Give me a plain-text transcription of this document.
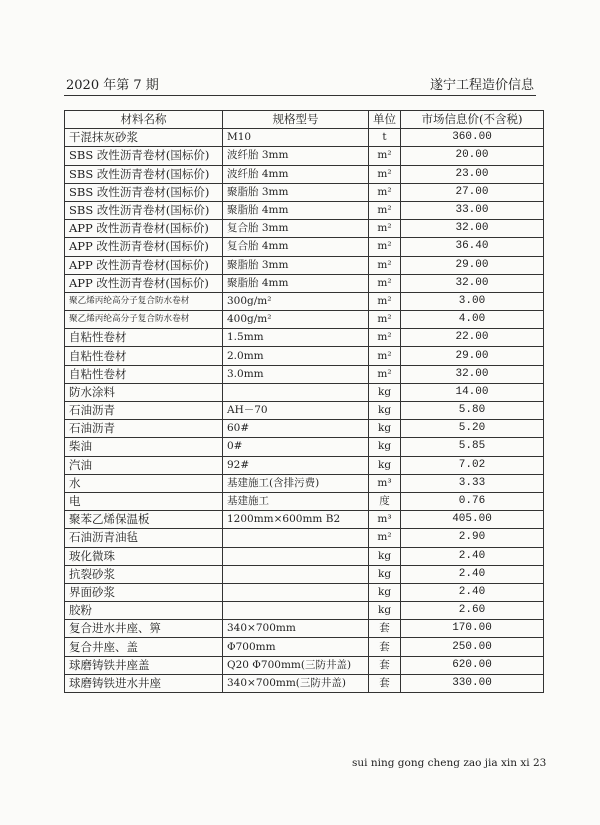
2020 年第 7 期	遂宁工程造价信息
材料名称	规格型号	单位	市场信息价(不含税)
干混抹灰砂浆	M10	t	360.00
SBS 改性沥青卷材(国标价)	波纤胎 3mm	m²	20.00
SBS 改性沥青卷材(国标价)	波纤胎 4mm	m²	23.00
SBS 改性沥青卷材(国标价)	聚脂胎 3mm	m²	27.00
SBS 改性沥青卷材(国标价)	聚脂胎 4mm	m²	33.00
APP 改性沥青卷材(国标价)	复合胎 3mm	m²	32.00
APP 改性沥青卷材(国标价)	复合胎 4mm	m²	36.40
APP 改性沥青卷材(国标价)	聚脂胎 3mm	m²	29.00
APP 改性沥青卷材(国标价)	聚脂胎 4mm	m²	32.00
聚乙烯丙纶高分子复合防水卷材	300g/m²	m²	3.00
聚乙烯丙纶高分子复合防水卷材	400g/m²	m²	4.00
自粘性卷材	1.5mm	m²	22.00
自粘性卷材	2.0mm	m²	29.00
自粘性卷材	3.0mm	m²	32.00
防水涂料		kg	14.00
石油沥青	AH－70	kg	5.80
石油沥青	60#	kg	5.20
柴油	0#	kg	5.85
汽油	92#	kg	7.02
水	基建施工(含排污费)	m³	3.33
电	基建施工	度	0.76
聚苯乙烯保温板	1200mm×600mm B2	m³	405.00
石油沥青油毡		m²	2.90
玻化微珠		kg	2.40
抗裂砂浆		kg	2.40
界面砂浆		kg	2.40
胶粉		kg	2.60
复合进水井座、箅	340×700mm	套	170.00
复合井座、盖	Φ700mm	套	250.00
球磨铸铁井座盖	Q20 Φ700mm(三防井盖)	套	620.00
球磨铸铁进水井座	340×700mm(三防井盖)	套	330.00
sui ning gong cheng zao jia xin xi 23
